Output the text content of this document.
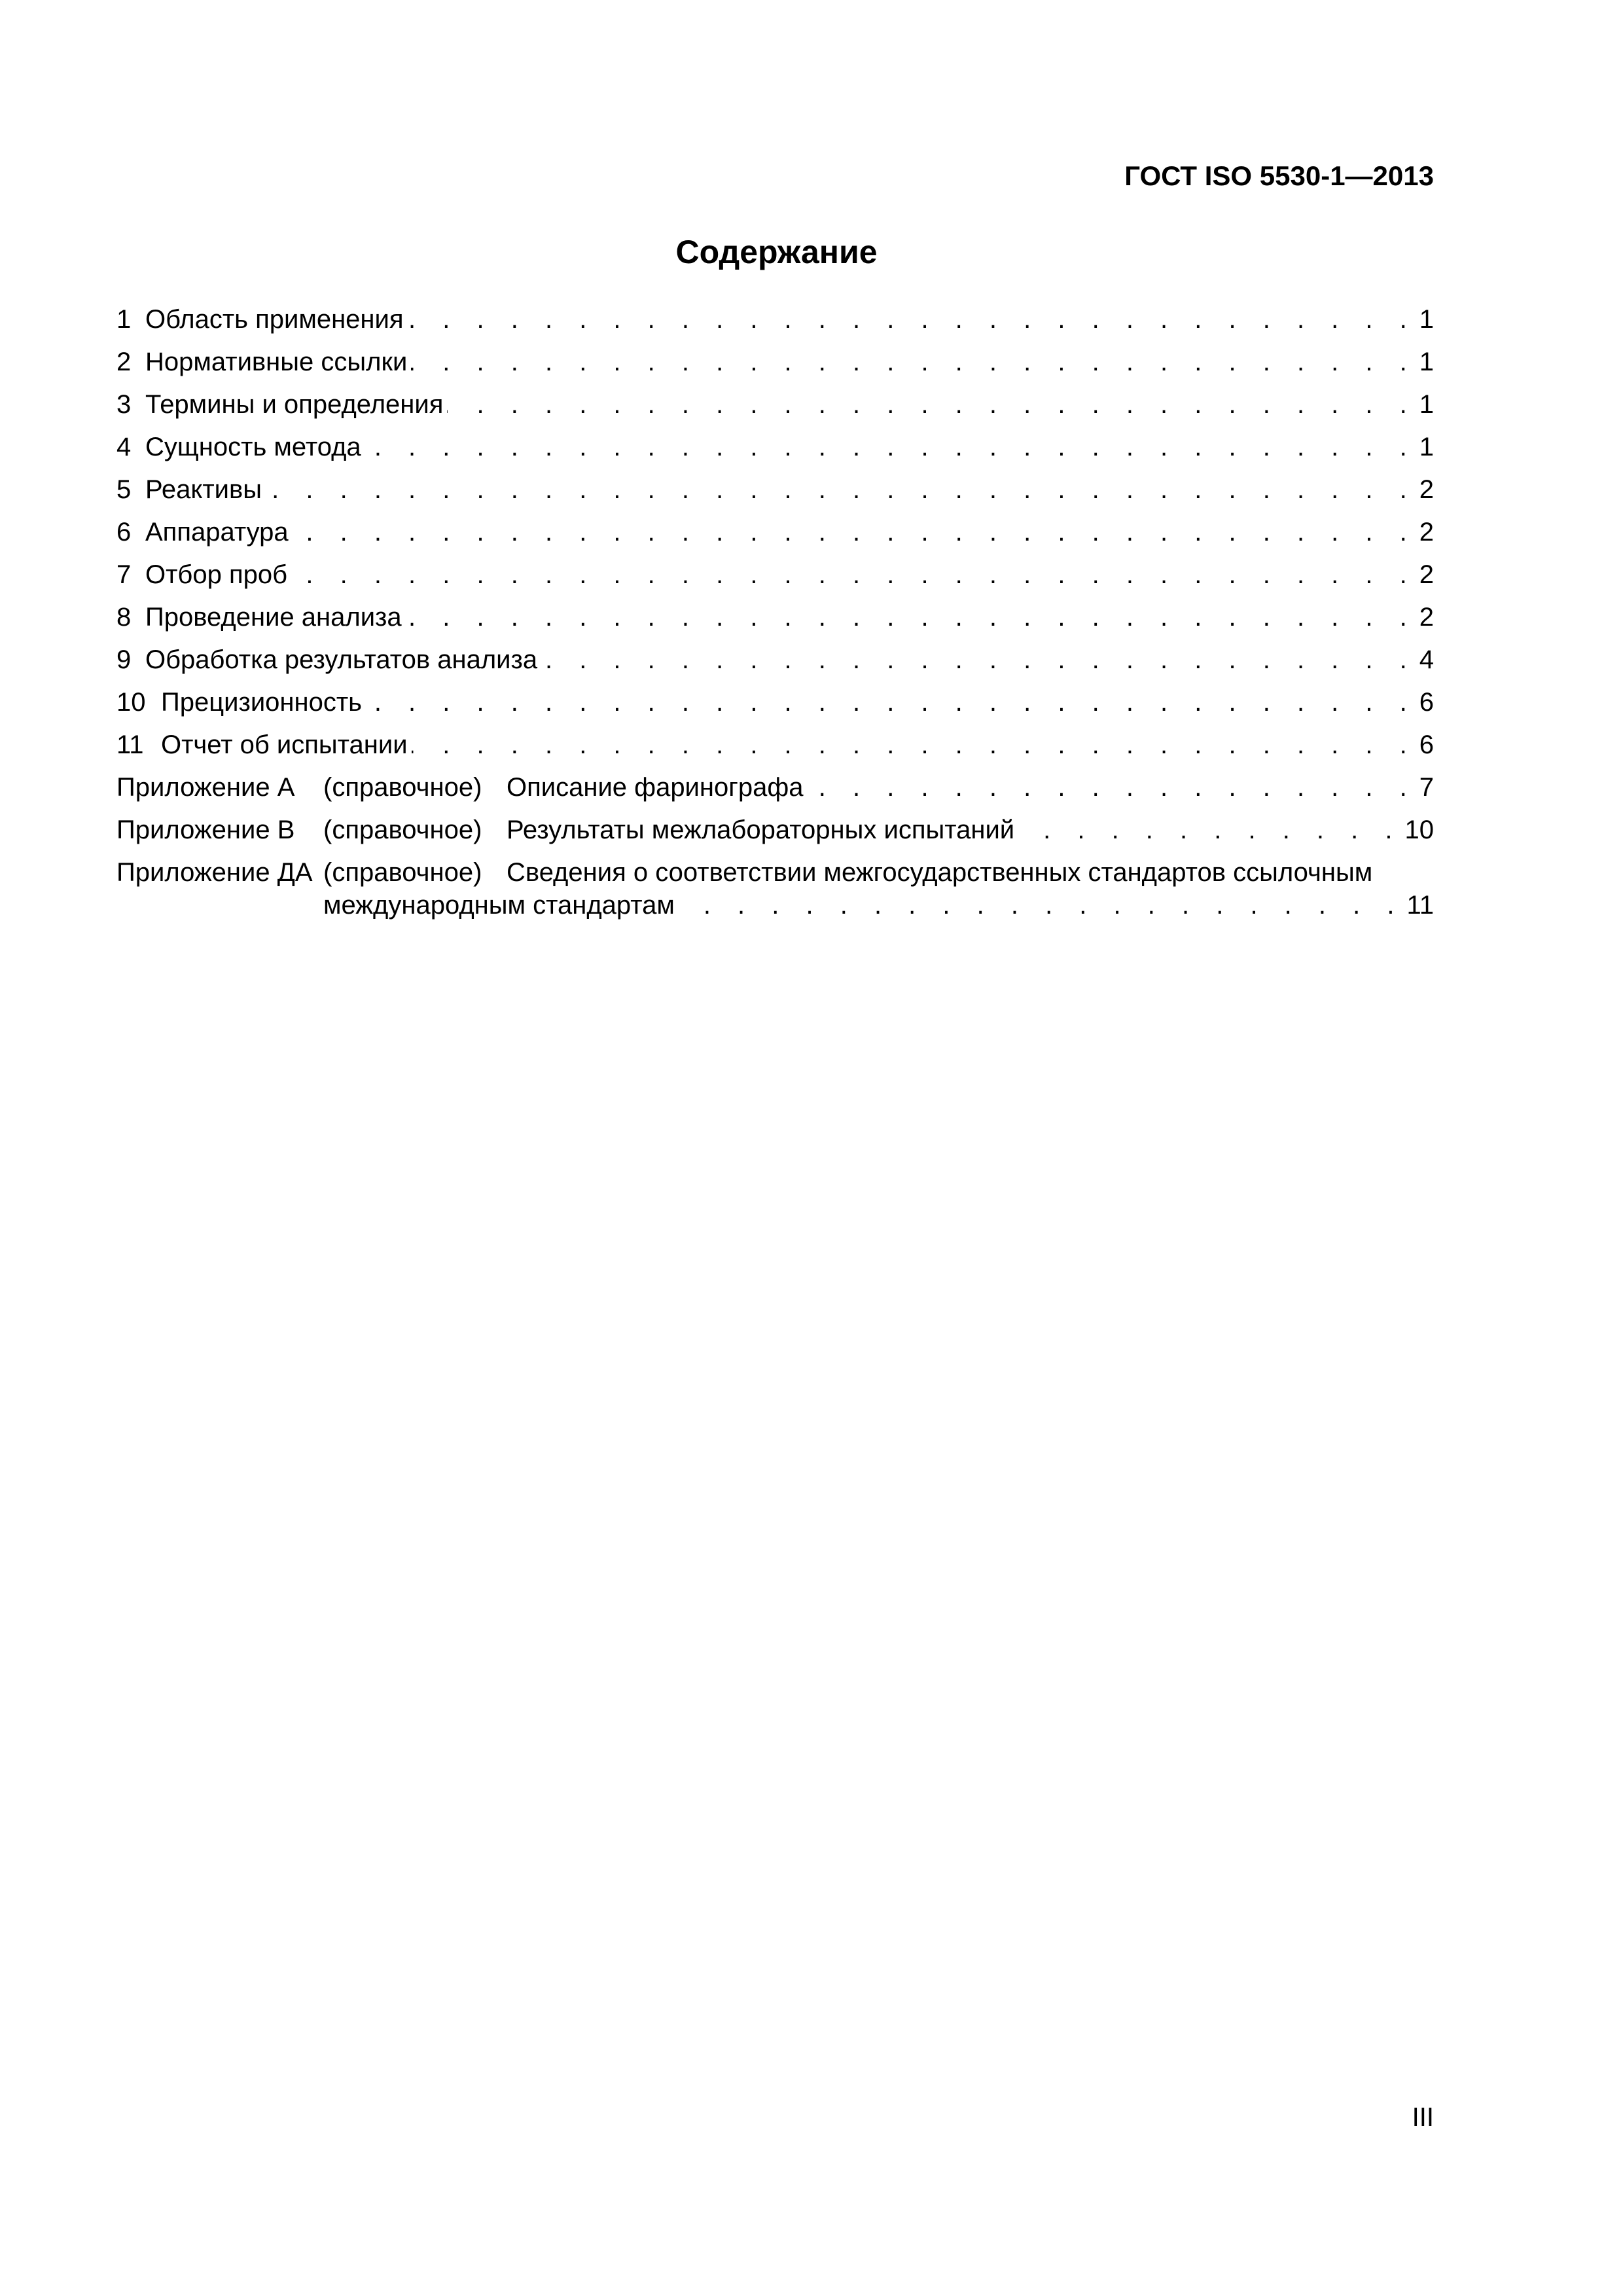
ГОСТ ISO 5530-1—2013
Содержание
1 Область применения . . .	1
2 Нормативные ссылки . . .	1
3 Термины и определения . . .	1
4 Сущность метода . . .	1
5 Реактивы . . .	2
6 Аппаратура . . .	2
7 Отбор проб . . .	2
8 Проведение анализа . . .	2
9 Обработка результатов анализа . . .	4
10 Прецизионность . . .	6
11 Отчет об испытании . . .	6
Приложение А (справочное) Описание фаринографа . . .	7
Приложение В (справочное) Результаты межлабораторных испытаний . . .	10
Приложение ДА (справочное) Сведения о соответствии межгосударственных стандартов ссылочным
международным стандартам . . .	11
III
